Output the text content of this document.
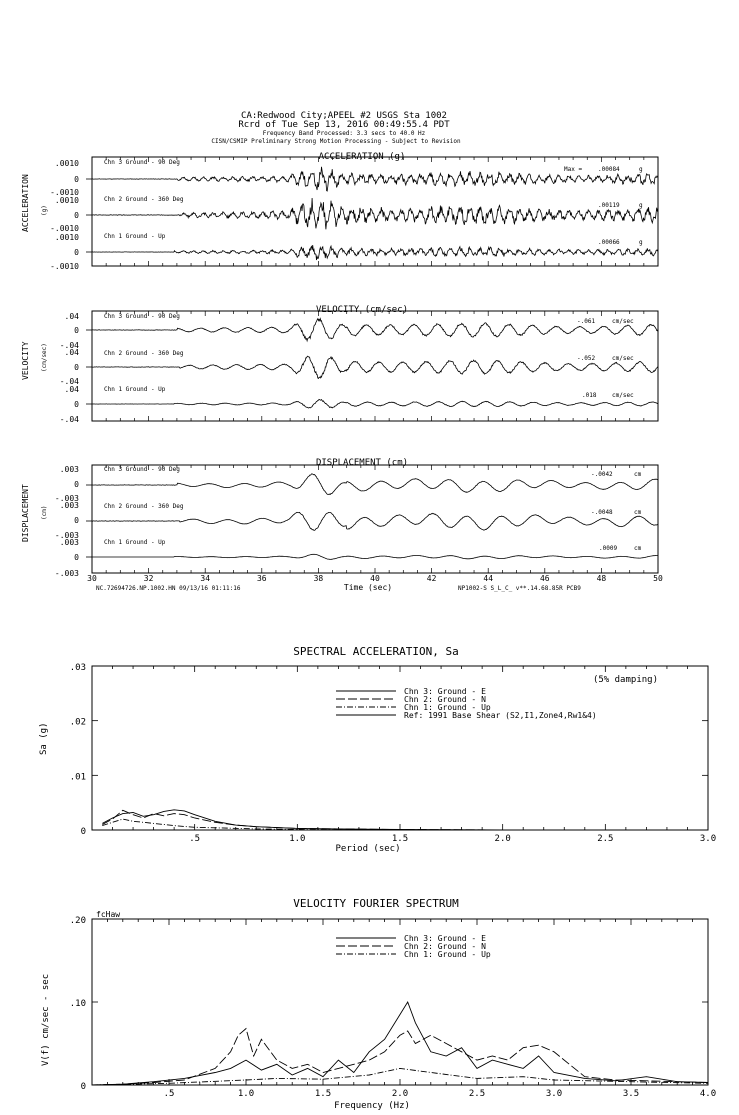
CA:Redwood City;APEEL #2 USGS Sta 1002
Rcrd of Tue Sep 13, 2016 00:49:55.4 PDT
Frequency Band Processed: 3.3 secs to 40.0 Hz
CISN/CSMIP Preliminary Strong Motion Processing - Subject to Revision
ACCELERATION (g)
ACCELERATION (g)
.0010
0
-.0010
.0010
0
-.0010
.0010
0
-.0010
Chn 3 Ground - 90 Deg
Chn 2 Ground - 360 Deg
Chn 1 Ground - Up
Max =	.00084	g
.00119	g
.00066	g
VELOCITY (cm/sec)
VELOCITY (cm/sec)
.04
0
-.04
.04
0
-.04
.04
0
-.04
Chn 3 Ground - 90 Deg
Chn 2 Ground - 360 Deg
Chn 1 Ground - Up
-.061	cm/sec
-.052	cm/sec
.018	cm/sec
DISPLACEMENT (cm)
DISPLACEMENT (cm)
.003
0
-.003
.003
0
-.003
.003
0
-.003
Chn 3 Ground - 90 Deg
Chn 2 Ground - 360 Deg
Chn 1 Ground - Up
-.0042	cm
-.0048	cm
.0009	cm
30	32	34	36	38	40	42	44	46	48	50
Time (sec)
NC.72694726.NP.1002.HN 09/13/16 01:11:16	NP1002-S S_L_C_ v**.14.68.85R PCB9
SPECTRAL ACCELERATION, Sa
Sa (g)
(5% damping)
Chn 3: Ground - E
Chn 2: Ground - N
Chn 1: Ground - Up
Ref: 1991 Base Shear (S2,I1,Zone4,Rw1&4)
Period (sec)
.5	1.0	1.5	2.0	2.5	3.0
0
.01
.02
.03
VELOCITY FOURIER SPECTRUM
fcHaw
V(f) cm/sec - sec
Chn 3: Ground - E
Chn 2: Ground - N
Chn 1: Ground - Up
Frequency (Hz)
.5	1.0	1.5	2.0	2.5	3.0	3.5	4.0
0
.10
.20
